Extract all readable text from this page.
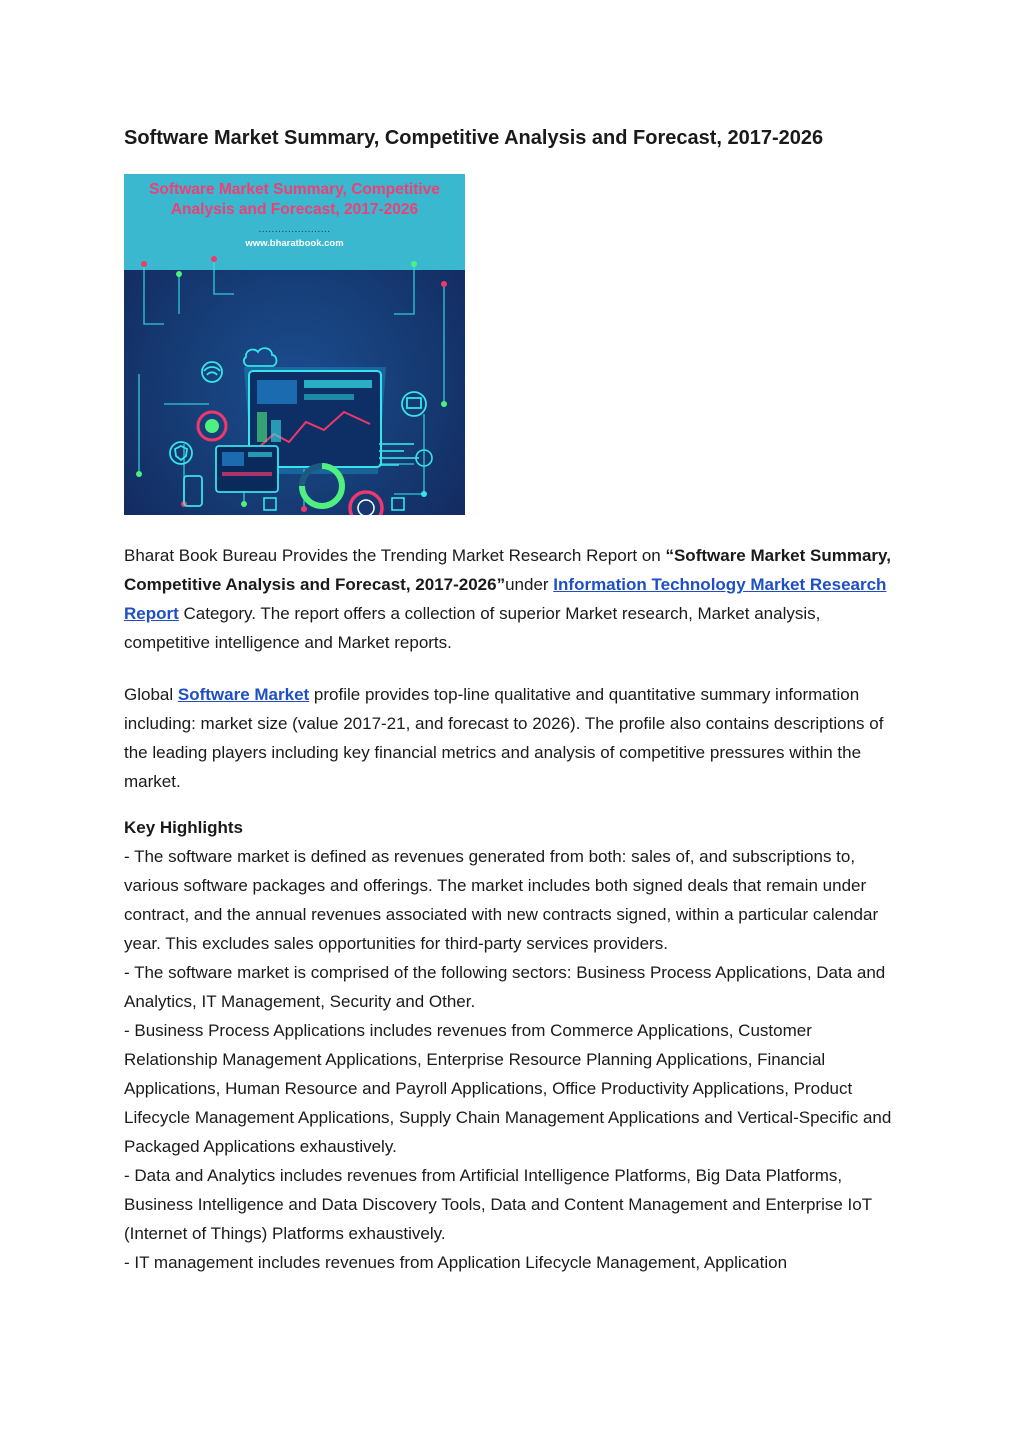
Software Market Summary, Competitive Analysis and Forecast, 2017-2026
Software Market Summary, Competitive Analysis and Forecast, 2017-2026
......................
www.bharatbook.com

Bharat Book Bureau Provides the Trending Market Research Report on “Software Market Summary, Competitive Analysis and Forecast, 2017-2026”under Information Technology Market Research Report Category. The report offers a collection of superior Market research, Market analysis, competitive intelligence and Market reports.

Global Software Market profile provides top-line qualitative and quantitative summary information including: market size (value 2017-21, and forecast to 2026). The profile also contains descriptions of the leading players including key financial metrics and analysis of competitive pressures within the market.

Key Highlights

- The software market is defined as revenues generated from both: sales of, and subscriptions to, various software packages and offerings. The market includes both signed deals that remain under contract, and the annual revenues associated with new contracts signed, within a particular calendar year. This excludes sales opportunities for third-party services providers.

- The software market is comprised of the following sectors: Business Process Applications, Data and Analytics, IT Management, Security and Other.

- Business Process Applications includes revenues from Commerce Applications, Customer Relationship Management Applications, Enterprise Resource Planning Applications, Financial Applications, Human Resource and Payroll Applications, Office Productivity Applications, Product Lifecycle Management Applications, Supply Chain Management Applications and Vertical-Specific and Packaged Applications exhaustively.

- Data and Analytics includes revenues from Artificial Intelligence Platforms, Big Data Platforms, Business Intelligence and Data Discovery Tools, Data and Content Management and Enterprise IoT (Internet of Things) Platforms exhaustively.

- IT management includes revenues from Application Lifecycle Management, Application
